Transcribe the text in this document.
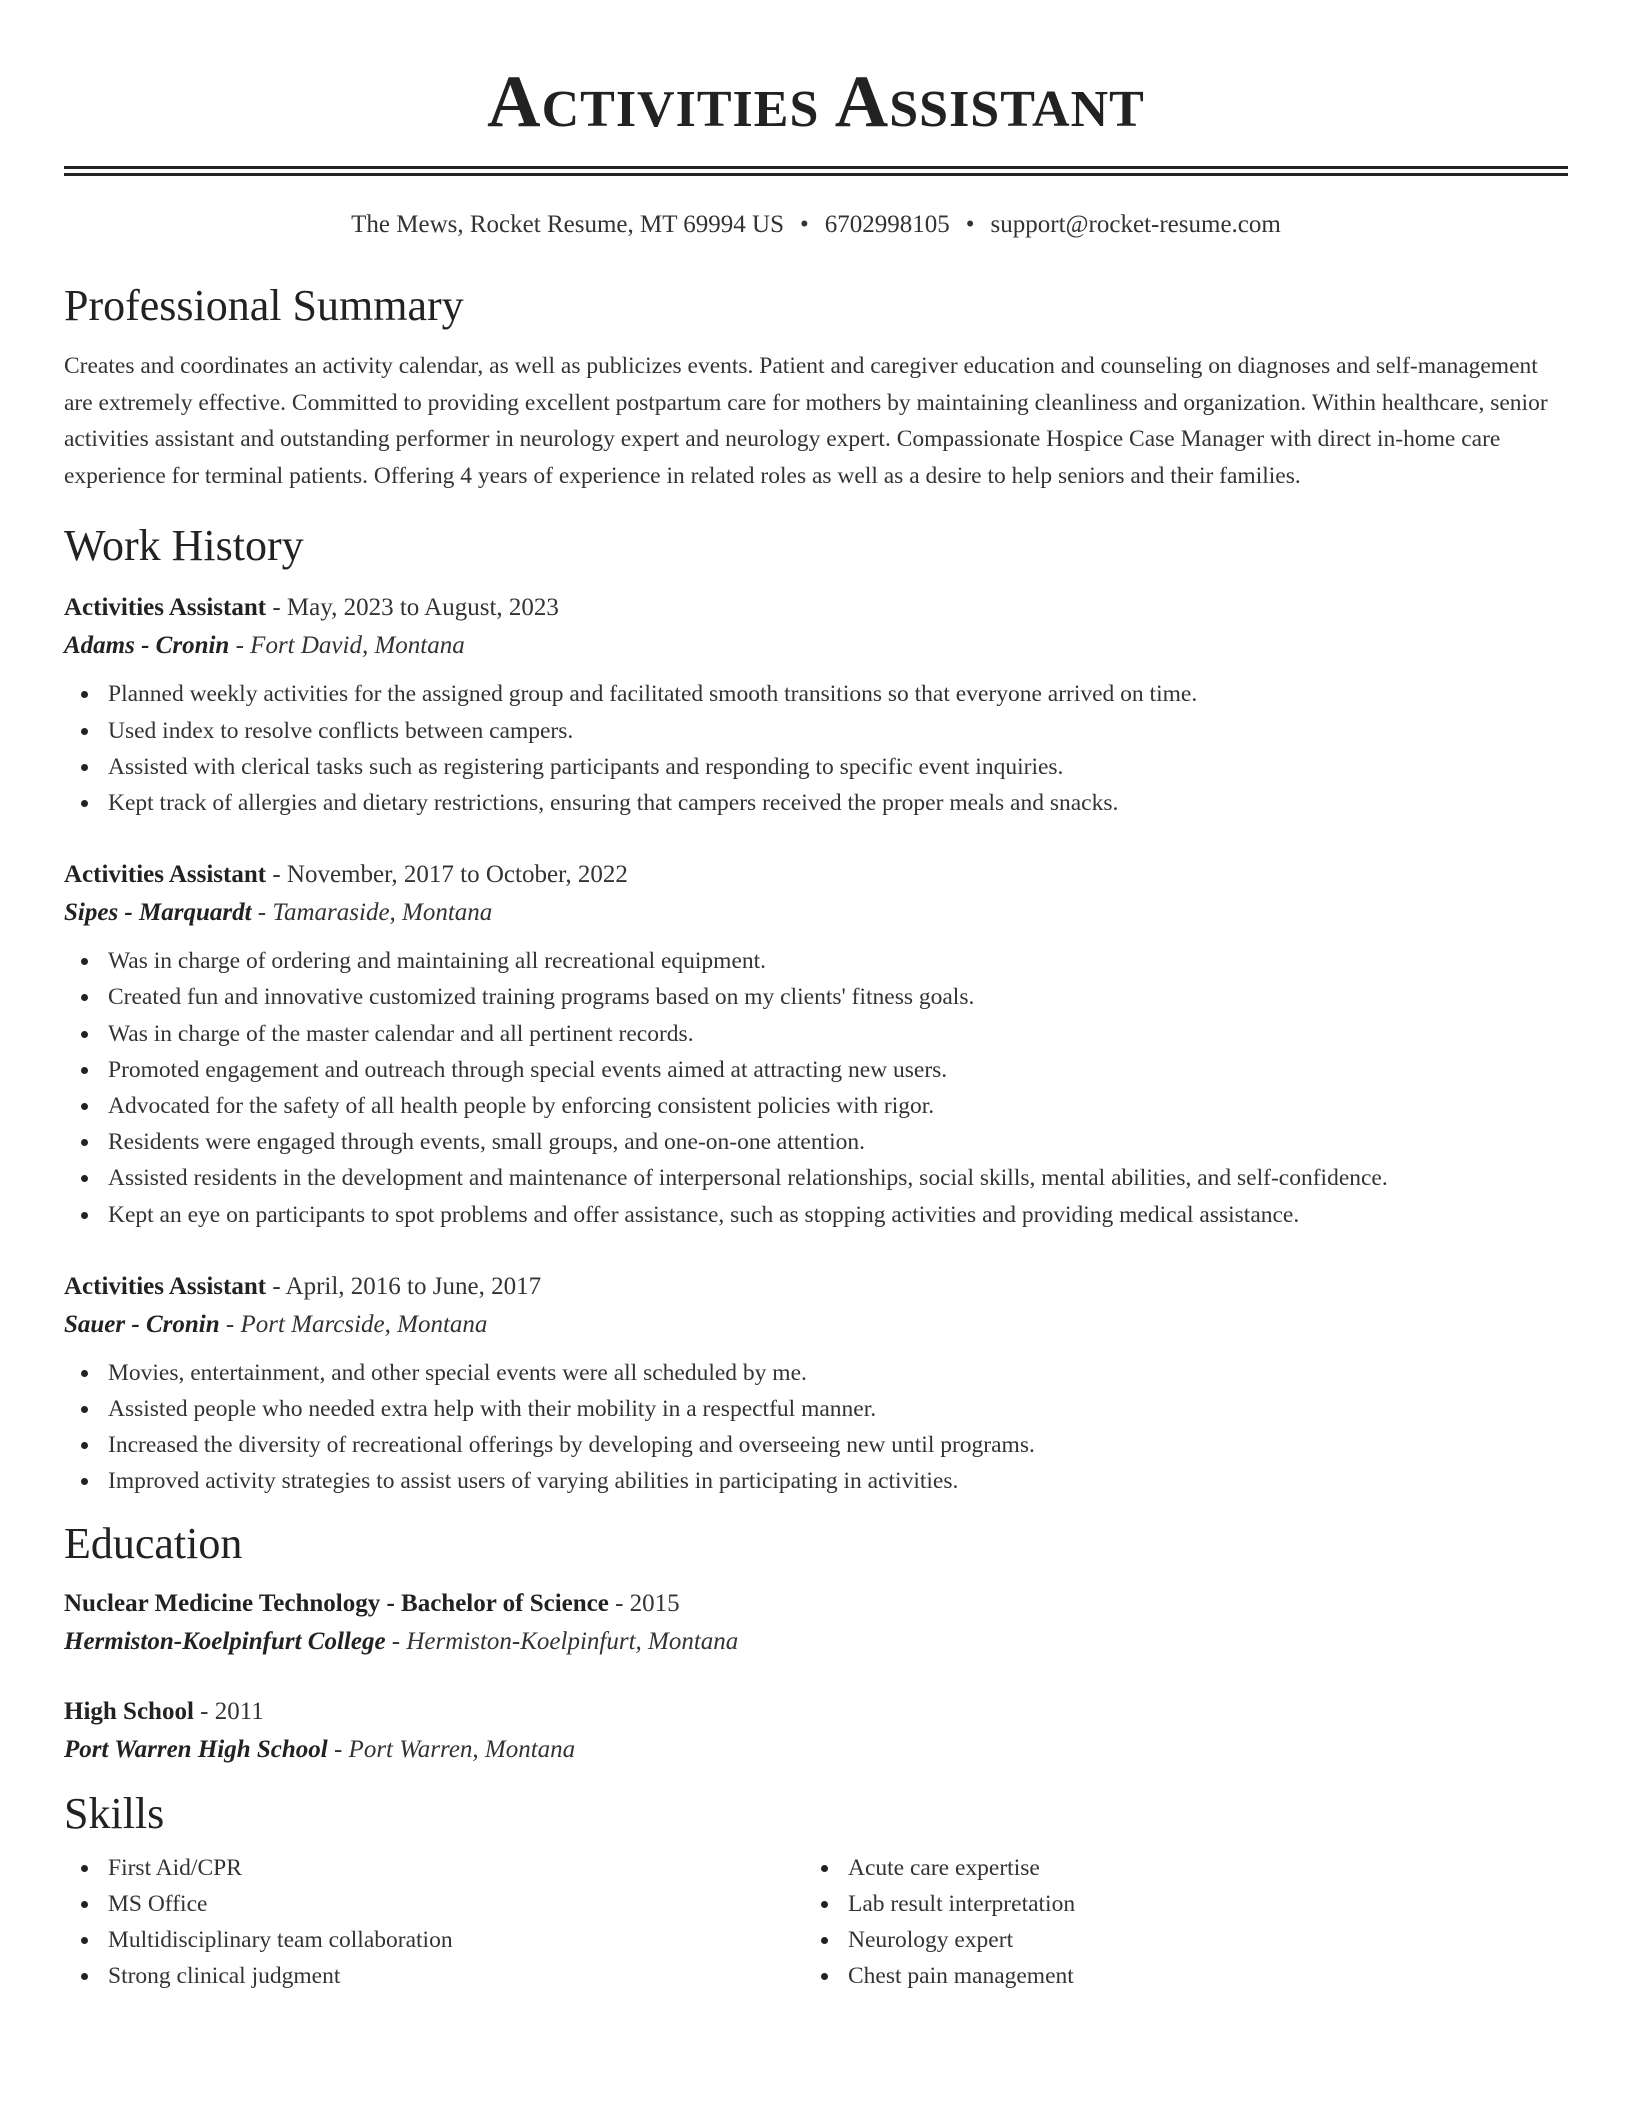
Activities Assistant
The Mews, Rocket Resume, MT 69994 US • 6702998105 • support@rocket-resume.com
Professional Summary

Creates and coordinates an activity calendar, as well as publicizes events. Patient and caregiver education and counseling on diagnoses and self-management are extremely effective. Committed to providing excellent postpartum care for mothers by maintaining cleanliness and organization. Within healthcare, senior activities assistant and outstanding performer in neurology expert and neurology expert. Compassionate Hospice Case Manager with direct in-home care experience for terminal patients. Offering 4 years of experience in related roles as well as a desire to help seniors and their families.

Work History
Activities Assistant - May, 2023 to August, 2023
Adams - Cronin - Fort David, Montana
Planned weekly activities for the assigned group and facilitated smooth transitions so that everyone arrived on time.
Used index to resolve conflicts between campers.
Assisted with clerical tasks such as registering participants and responding to specific event inquiries.
Kept track of allergies and dietary restrictions, ensuring that campers received the proper meals and snacks.
Activities Assistant - November, 2017 to October, 2022
Sipes - Marquardt - Tamaraside, Montana
Was in charge of ordering and maintaining all recreational equipment.
Created fun and innovative customized training programs based on my clients' fitness goals.
Was in charge of the master calendar and all pertinent records.
Promoted engagement and outreach through special events aimed at attracting new users.
Advocated for the safety of all health people by enforcing consistent policies with rigor.
Residents were engaged through events, small groups, and one-on-one attention.
Assisted residents in the development and maintenance of interpersonal relationships, social skills, mental abilities, and self-confidence.
Kept an eye on participants to spot problems and offer assistance, such as stopping activities and providing medical assistance.
Activities Assistant - April, 2016 to June, 2017
Sauer - Cronin - Port Marcside, Montana
Movies, entertainment, and other special events were all scheduled by me.
Assisted people who needed extra help with their mobility in a respectful manner.
Increased the diversity of recreational offerings by developing and overseeing new until programs.
Improved activity strategies to assist users of varying abilities in participating in activities.
Education
Nuclear Medicine Technology - Bachelor of Science - 2015
Hermiston-Koelpinfurt College - Hermiston-Koelpinfurt, Montana
High School - 2011
Port Warren High School - Port Warren, Montana
Skills
First Aid/CPR
MS Office
Multidisciplinary team collaboration
Strong clinical judgment
Acute care expertise
Lab result interpretation
Neurology expert
Chest pain management
